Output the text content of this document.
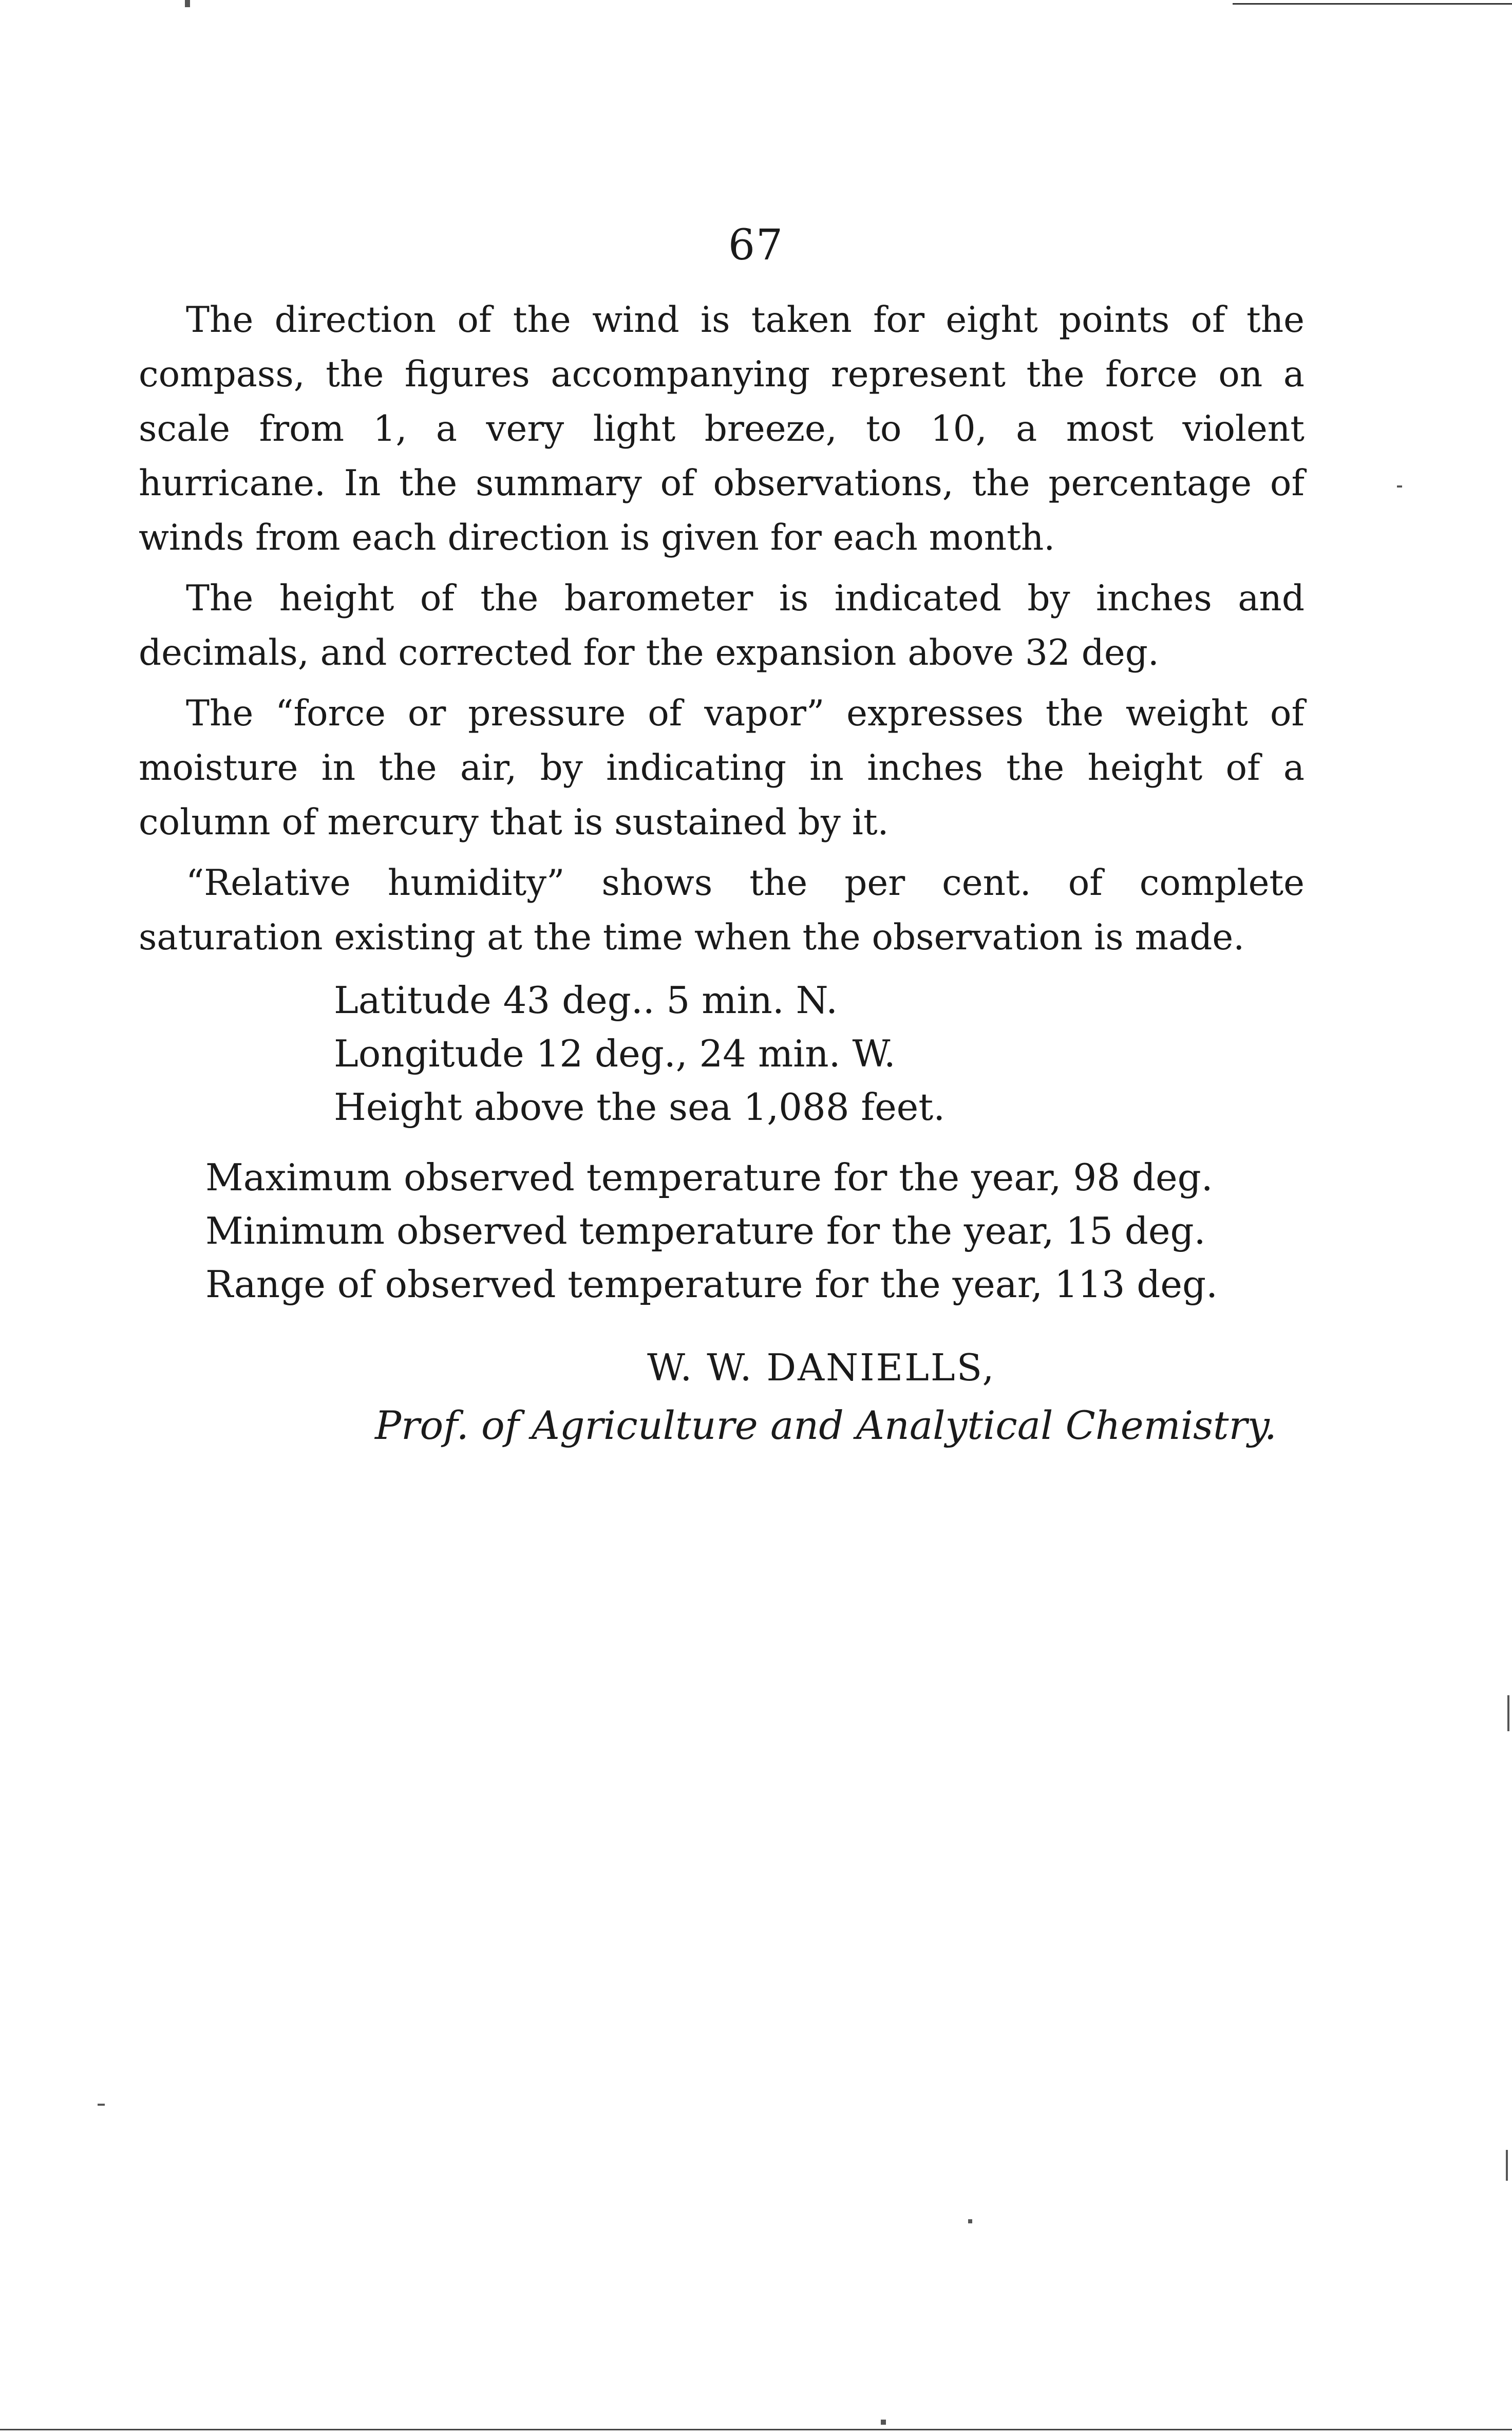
67

The direction of the wind is taken for eight points of the compass, the figures accompanying represent the force on a scale from 1, a very light breeze, to 10, a most violent hurricane. In the summary of observations, the percentage of winds from each direction is given for each month.

The height of the barometer is indicated by inches and decimals, and corrected for the expansion above 32 deg.

The “force or pressure of vapor” expresses the weight of moisture in the air, by indicating in inches the height of a column of mercury that is sustained by it.

“Relative humidity” shows the per cent. of complete saturation existing at the time when the observation is made.

Latitude 43 deg.. 5 min. N.
Longitude 12 deg., 24 min. W.
Height above the sea 1,088 feet.
Maximum observed temperature for the year, 98 deg.
Minimum observed temperature for the year, 15 deg.
Range of observed temperature for the year, 113 deg.
W. W. DANIELLS,
Prof. of Agriculture and Analytical Chemistry.
